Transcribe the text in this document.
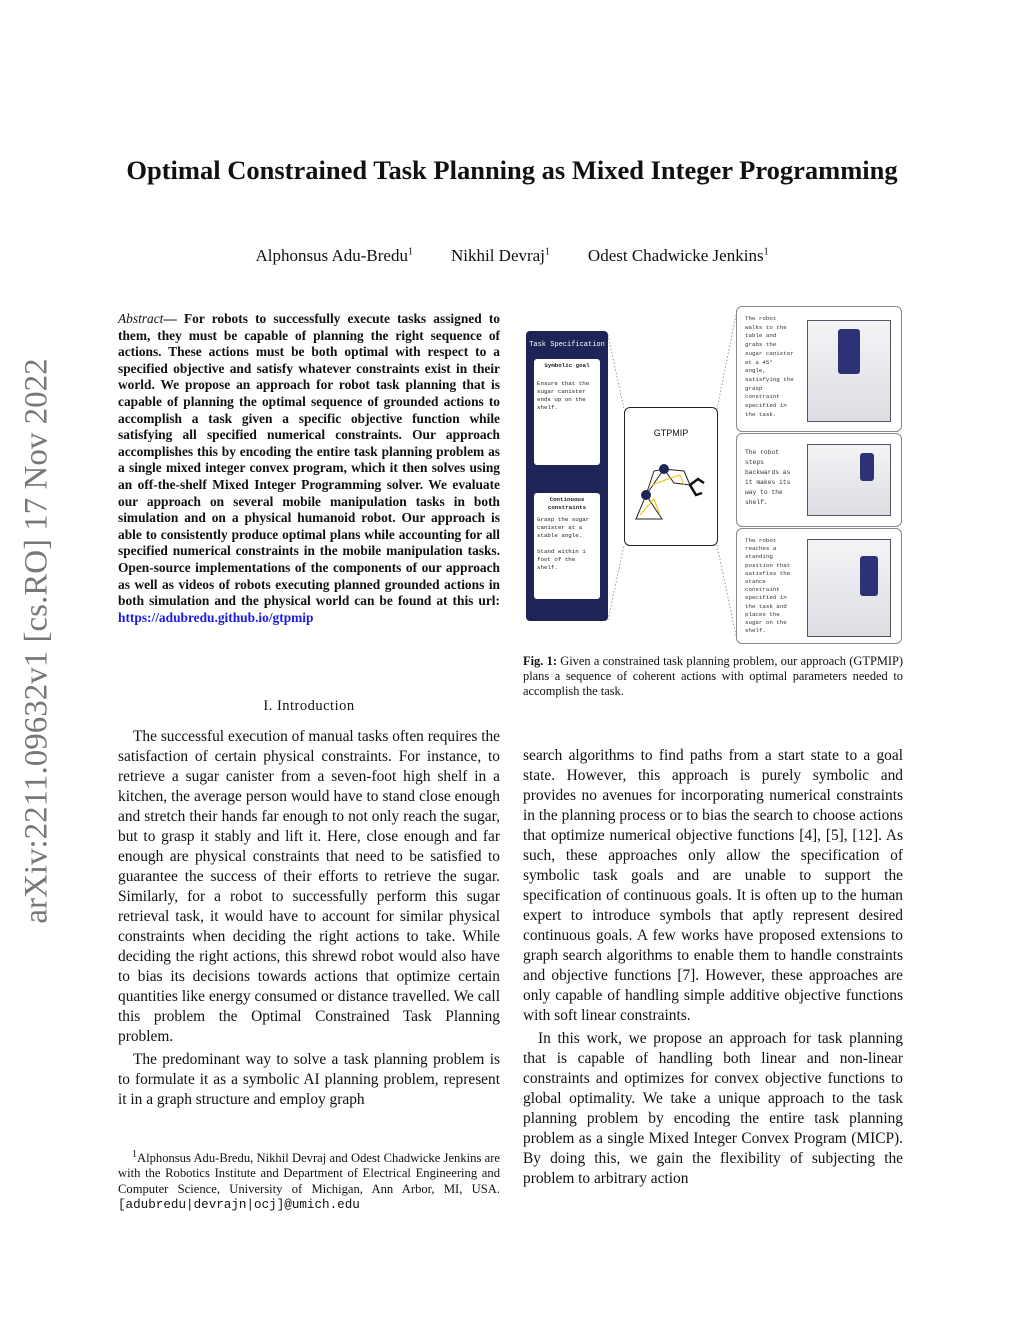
arXiv:2211.09632v1 [cs.RO] 17 Nov 2022
Optimal Constrained Task Planning as Mixed Integer Programming
Alphonsus Adu-Bredu$^1$ Nikhil Devraj$^1$ Odest Chadwicke Jenkins$^1$
Abstract— For robots to successfully execute tasks assigned to them, they must be capable of planning the right sequence of actions. These actions must be both optimal with respect to a specified objective and satisfy whatever constraints exist in their world. We propose an approach for robot task planning that is capable of planning the optimal sequence of grounded actions to accomplish a task given a specific objective function while satisfying all specified numerical constraints. Our approach accomplishes this by encoding the entire task planning problem as a single mixed integer convex program, which it then solves using an off-the-shelf Mixed Integer Programming solver. We evaluate our approach on several mobile manipulation tasks in both simulation and on a physical humanoid robot. Our approach is able to consistently produce optimal plans while accounting for all specified numerical constraints in the mobile manipulation tasks. Open-source implementations of the components of our approach as well as videos of robots executing planned grounded actions in both simulation and the physical world can be found at this url: https://adubredu.github.io/gtpmip
Task Specification
Symbolic goal
Ensure that the sugar canister ends up on the shelf.
Continuous constraints
Grasp the sugar canister at a stable angle.

Stand within 1 foot of the shelf.
GTPMIP
The robot walks to the table and grabs the sugar canister at a 45° angle, satisfying the grasp constraint specified in the task.
The robot steps backwards as it makes its way to the shelf.
The robot reaches a standing position that satisfies the stance constraint specified in the task and places the sugar on the shelf.
Fig. 1: Given a constrained task planning problem, our approach (GTPMIP) plans a sequence of coherent actions with optimal parameters needed to accomplish the task.
I. Introduction

The successful execution of manual tasks often requires the satisfaction of certain physical constraints. For instance, to retrieve a sugar canister from a seven-foot high shelf in a kitchen, the average person would have to stand close enough and stretch their hands far enough to not only reach the sugar, but to grasp it stably and lift it. Here, close enough and far enough are physical constraints that need to be satisfied to guarantee the success of their efforts to retrieve the sugar. Similarly, for a robot to successfully perform this sugar retrieval task, it would have to account for similar physical constraints when deciding the right actions to take. While deciding the right actions, this shrewd robot would also have to bias its decisions towards actions that optimize certain quantities like energy consumed or distance travelled. We call this problem the Optimal Constrained Task Planning problem.

The predominant way to solve a task planning problem is to formulate it as a symbolic AI planning problem, represent it in a graph structure and employ graph

$^1$Alphonsus Adu-Bredu, Nikhil Devraj and Odest Chadwicke Jenkins are with the Robotics Institute and Department of Electrical Engineering and Computer Science, University of Michigan, Ann Arbor, MI, USA. [adubredu|devrajn|ocj]@umich.edu

search algorithms to find paths from a start state to a goal state. However, this approach is purely symbolic and provides no avenues for incorporating numerical constraints in the planning process or to bias the search to choose actions that optimize numerical objective functions [4], [5], [12]. As such, these approaches only allow the specification of symbolic task goals and are unable to support the specification of continuous goals. It is often up to the human expert to introduce symbols that aptly represent desired continuous goals. A few works have proposed extensions to graph search algorithms to enable them to handle constraints and objective functions [7]. However, these approaches are only capable of handling simple additive objective functions with soft linear constraints.

In this work, we propose an approach for task planning that is capable of handling both linear and non-linear constraints and optimizes for convex objective functions to global optimality. We take a unique approach to the task planning problem by encoding the entire task planning problem as a single Mixed Integer Convex Program (MICP). By doing this, we gain the flexibility of subjecting the problem to arbitrary action
